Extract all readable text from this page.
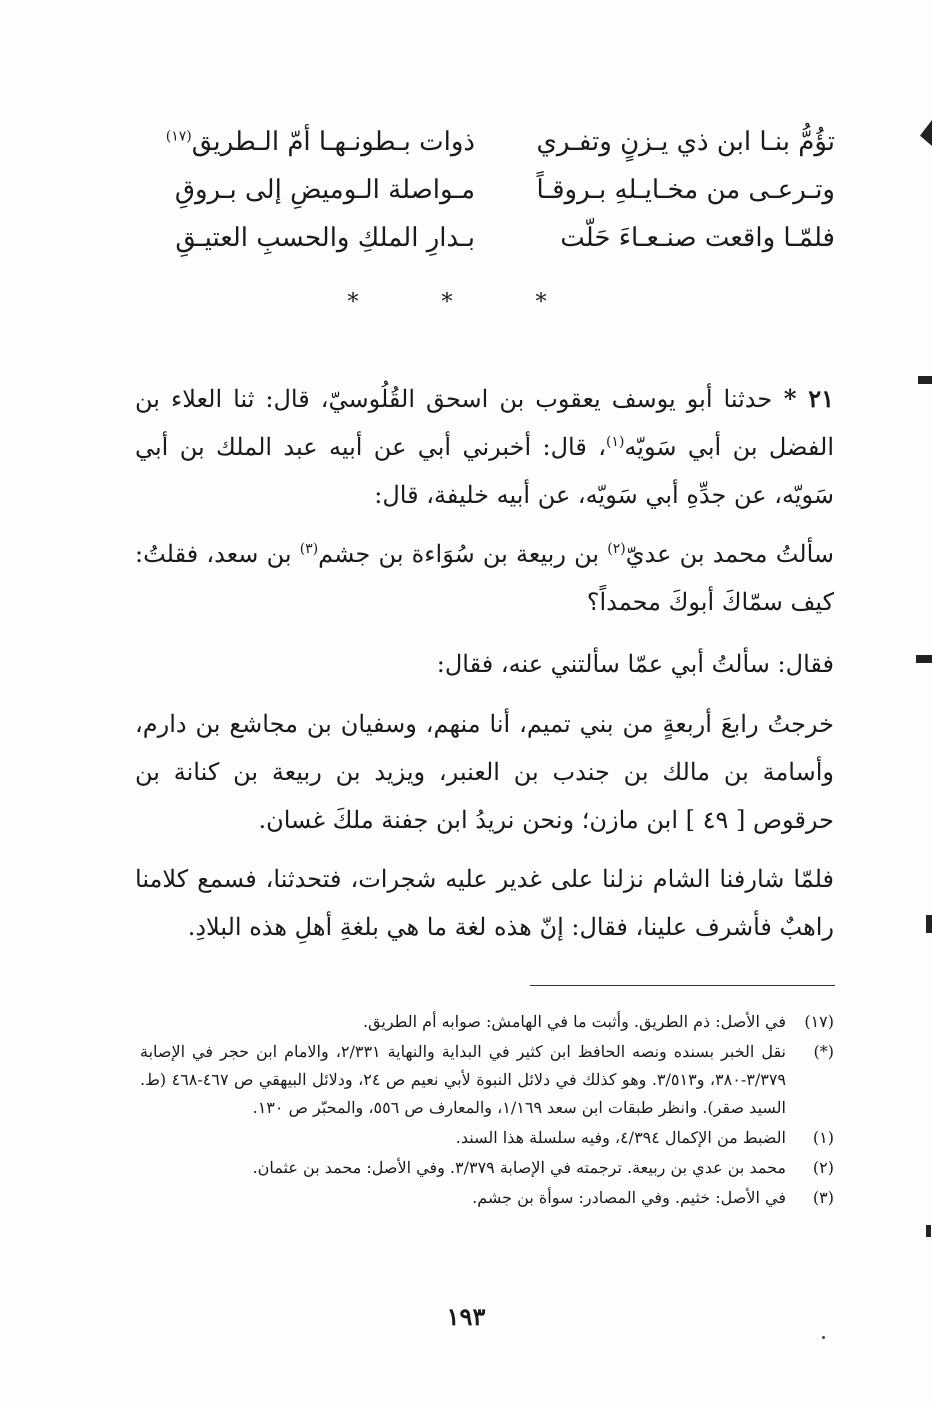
تؤُمُّ بنـا ابن ذي يـزنٍ وتفـري
ذوات بـطونـهـا أمّ الـطريق$^{(١٧)}$
وتـرعـى من مخـايـلهِ بـروقـاً
مـواصلة الـوميضِ إلى بـروقِ
فلمّـا واقعت صنـعـاءَ حَلّت
بـدارِ الملكِ والحسبِ العتيـقِ
* * *

٢١ * حدثنا أبو يوسف يعقوب بن اسحق القُلُوسيّ، قال: ثنا العلاء بن الفضل بن أبي سَويّه$^{(١)}$، قال: أخبرني أبي عن أبيه عبد الملك بن أبي سَويّه، عن جدِّهِ أبي سَويّه، عن أبيه خليفة، قال:

سألتُ محمد بن عديّ$^{(٢)}$ بن ربيعة بن سُوَاءة بن جشم$^{(٣)}$ بن سعد، فقلتُ: كيف سمّاكَ أبوكَ محمداً؟

فقال: سألتُ أبي عمّا سألتني عنه، فقال:

خرجتُ رابعَ أربعةٍ من بني تميم، أنا منهم، وسفيان بن مجاشع بن دارم، وأسامة بن مالك بن جندب بن العنبر، ويزيد بن ربيعة بن كنانة بن حرقوص [ ٤٩ ] ابن مازن؛ ونحن نريدُ ابن جفنة ملكَ غسان.

فلمّا شارفنا الشام نزلنا على غدير عليه شجرات، فتحدثنا، فسمع كلامنا راهبٌ فأشرف علينا، فقال: إنّ هذه لغة ما هي بلغةِ أهلِ هذه البلادِ.

(١٧)
في الأصل: ذم الطريق. وأثبت ما في الهامش: صوابه أم الطريق.
(*)
نقل الخبر بسنده ونصه الحافظ ابن كثير في البداية والنهاية ٢/٣٣١، والامام ابن حجر في الإصابة ٣/٣٧٩-٣٨٠، و٣/٥١٣. وهو كذلك في دلائل النبوة لأبي نعيم ص ٢٤، ودلائل البيهقي ص ٤٦٧-٤٦٨ (ط. السيد صقر). وانظر طبقات ابن سعد ١/١٦٩، والمعارف ص ٥٥٦، والمحبّر ص ١٣٠.
(١)
الضبط من الإكمال ٤/٣٩٤، وفيه سلسلة هذا السند.
(٢)
محمد بن عدي بن ربيعة. ترجمته في الإصابة ٣/٣٧٩. وفي الأصل: محمد بن عثمان.
(٣)
في الأصل: خثيم. وفي المصادر: سوأة بن جشم.
١٩٣
